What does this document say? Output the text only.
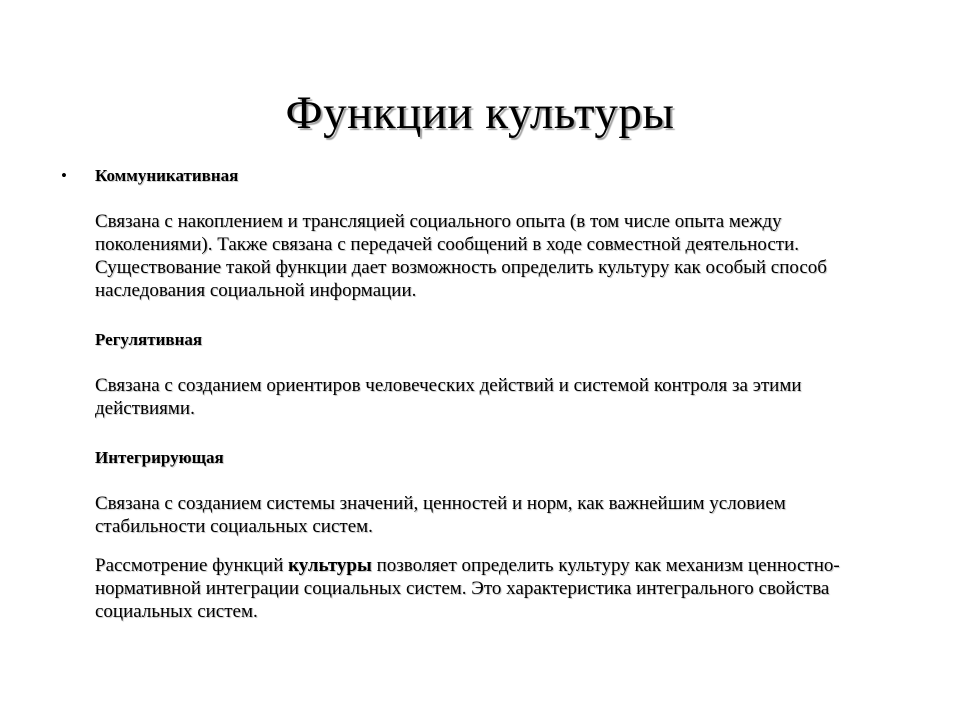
Функции культуры
•	Коммуникативная

Связана с накоплением и трансляцией социального опыта (в том числе опыта между поколениями). Также связана с передачей сообщений в ходе совместной деятельности. Существование такой функции дает возможность определить культуру как особый способ наследования социальной информации.

Регулятивная

Связана с созданием ориентиров человеческих действий и системой контроля за этими действиями.

Интегрирующая

Связана с созданием системы значений, ценностей и норм, как важнейшим условием стабильности социальных систем.

Рассмотрение функций культуры позволяет определить культуру как механизм ценностно-нормативной интеграции социальных систем. Это характеристика интегрального свойства социальных систем.
